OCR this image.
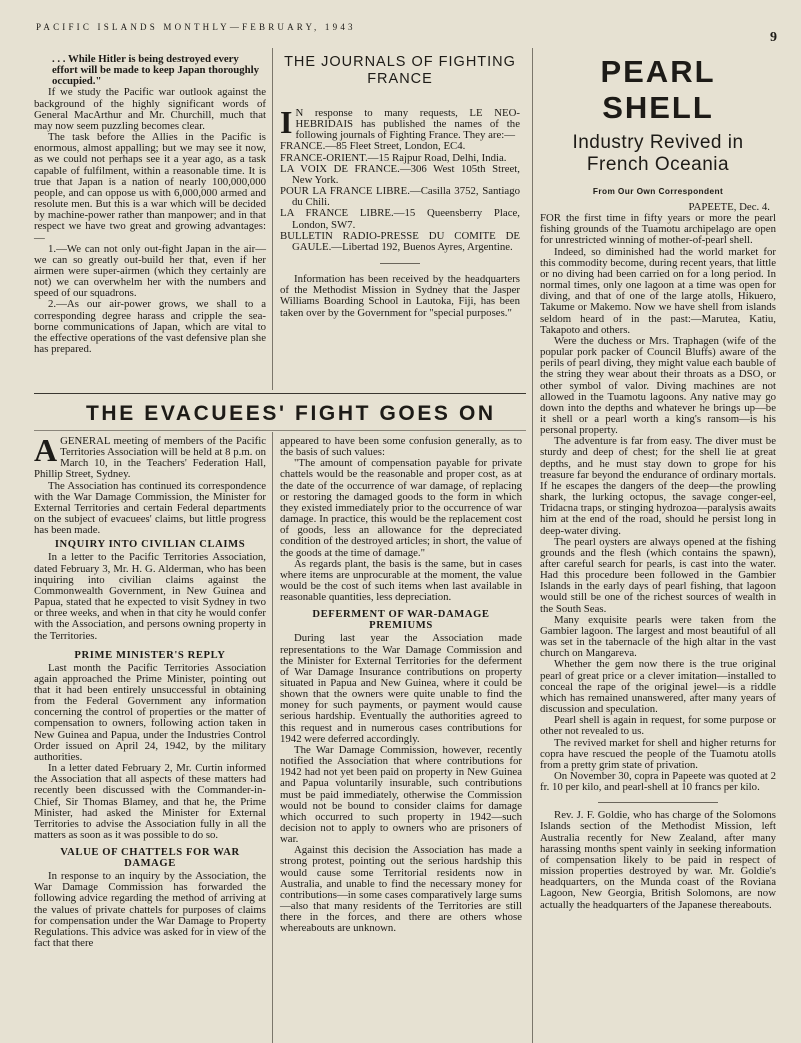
PACIFIC ISLANDS MONTHLY—FEBRUARY, 1943
9

. . . While Hitler is being destroyed every effort will be made to keep Japan thoroughly occupied."

If we study the Pacific war outlook against the background of the highly significant words of General MacArthur and Mr. Churchill, much that may now seem puzzling becomes clear.

The task before the Allies in the Pacific is enormous, almost appalling; but we may see it now, as we could not perhaps see it a year ago, as a task capable of fulfilment, within a reasonable time. It is true that Japan is a nation of nearly 100,000,000 people, and can oppose us with 6,000,000 armed and resolute men. But this is a war which will be decided by machine-power rather than manpower; and in that respect we have two great and growing advantages:—

1.—We can not only out-fight Japan in the air—we can so greatly out-build her that, even if her airmen were super-airmen (which they certainly are not) we can overwhelm her with the numbers and speed of our squadrons.

2.—As our air-power grows, we shall to a corresponding degree harass and cripple the sea-borne communications of Japan, which are vital to the effective operations of the vast defensive plan she has prepared.

THE JOURNALS OF FIGHTING FRANCE

I N response to many requests, LE NEO-HEBRIDAIS has published the names of the following journals of Fighting France. They are:—

FRANCE.—85 Fleet Street, London, EC4.

FRANCE-ORIENT.—15 Rajpur Road, Delhi, India.

LA VOIX DE FRANCE.—306 West 105th Street, New York.

POUR LA FRANCE LIBRE.—Casilla 3752, Santiago du Chili.

LA FRANCE LIBRE.—15 Queensberry Place, London, SW7.

BULLETIN RADIO-PRESSE DU COMITE DE GAULE.—Libertad 192, Buenos Ayres, Argentine.

Information has been received by the headquarters of the Methodist Mission in Sydney that the Jasper Williams Boarding School in Lautoka, Fiji, has been taken over by the Government for "special purposes."

THE EVACUEES' FIGHT GOES ON

A GENERAL meeting of members of the Pacific Territories Association will be held at 8 p.m. on March 10, in the Teachers' Federation Hall, Phillip Street, Sydney.

The Association has continued its correspondence with the War Damage Commission, the Minister for External Territories and certain Federal departments on the subject of evacuees' claims, but little progress has been made.

INQUIRY INTO CIVILIAN CLAIMS

In a letter to the Pacific Territories Association, dated February 3, Mr. H. G. Alderman, who has been inquiring into civilian claims against the Commonwealth Government, in New Guinea and Papua, stated that he expected to visit Sydney in two or three weeks, and when in that city he would confer with the Association, and persons owning property in the Territories.

PRIME MINISTER'S REPLY

Last month the Pacific Territories Association again approached the Prime Minister, pointing out that it had been entirely unsuccessful in obtaining from the Federal Government any information concerning the control of properties or the matter of compensation to owners, following action taken in New Guinea and Papua, under the Industries Control Order issued on April 24, 1942, by the military authorities.

In a letter dated February 2, Mr. Curtin informed the Association that all aspects of these matters had recently been discussed with the Commander-in-Chief, Sir Thomas Blamey, and that he, the Prime Minister, had asked the Minister for External Territories to advise the Association fully in all the matters as soon as it was possible to do so.

VALUE OF CHATTELS FOR WAR DAMAGE

In response to an inquiry by the Association, the War Damage Commission has forwarded the following advice regarding the method of arriving at the values of private chattels for purposes of claims for compensation under the War Damage to Property Regulations. This advice was asked for in view of the fact that there

appeared to have been some confusion generally, as to the basis of such values:

"The amount of compensation payable for private chattels would be the reasonable and proper cost, as at the date of the occurrence of war damage, of replacing or restoring the damaged goods to the form in which they existed immediately prior to the occurrence of war damage. In practice, this would be the replacement cost of goods, less an allowance for the depreciated condition of the destroyed articles; in short, the value of the goods at the time of damage."

As regards plant, the basis is the same, but in cases where items are unprocurable at the moment, the value would be the cost of such items when last available in reasonable quantities, less depreciation.

DEFERMENT OF WAR-DAMAGE PREMIUMS

During last year the Association made representations to the War Damage Commission and the Minister for External Territories for the deferment of War Damage Insurance contributions on property situated in Papua and New Guinea, where it could be shown that the owners were quite unable to find the money for such payments, or payment would cause serious hardship. Eventually the authorities agreed to this request and in numerous cases contributions for 1942 were deferred accordingly.

The War Damage Commission, however, recently notified the Association that where contributions for 1942 had not yet been paid on property in New Guinea and Papua voluntarily insurable, such contributions must be paid immediately, otherwise the Commission would not be bound to consider claims for damage which occurred to such property in 1942—such decision not to apply to owners who are prisoners of war.

Against this decision the Association has made a strong protest, pointing out the serious hardship this would cause some Territorial residents now in Australia, and unable to find the necessary money for contributions—in some cases comparatively large sums—also that many residents of the Territories are still there in the forces, and there are others whose whereabouts are unknown.

PEARL SHELL
Industry Revived in French Oceania
From Our Own Correspondent

PAPEETE, Dec. 4.

FOR the first time in fifty years or more the pearl fishing grounds of the Tuamotu archipelago are open for unrestricted winning of mother-of-pearl shell.

Indeed, so diminished had the world market for this commodity become, during recent years, that little or no diving had been carried on for a long period. In normal times, only one lagoon at a time was open for diving, and that of one of the large atolls, Hikuero, Takume or Makemo. Now we have shell from islands seldom heard of in the past:—Marutea, Katiu, Takapoto and others.

Were the duchess or Mrs. Traphagen (wife of the popular pork packer of Council Bluffs) aware of the perils of pearl diving, they might value each bauble of the string they wear about their throats as a DSO, or other symbol of valor. Diving machines are not allowed in the Tuamotu lagoons. Any native may go down into the depths and whatever he brings up—be it shell or a pearl worth a king's ransom—is his personal property.

The adventure is far from easy. The diver must be sturdy and deep of chest; for the shell lie at great depths, and he must stay down to grope for his treasure far beyond the endurance of ordinary mortals. If he escapes the dangers of the deep—the prowling shark, the lurking octopus, the savage conger-eel, Tridacna traps, or stinging hydrozoa—paralysis awaits him at the end of the road, should he persist long in deep-water diving.

The pearl oysters are always opened at the fishing grounds and the flesh (which contains the spawn), after careful search for pearls, is cast into the water. Had this procedure been followed in the Gambier Islands in the early days of pearl fishing, that lagoon would still be one of the richest sources of wealth in the South Seas.

Many exquisite pearls were taken from the Gambier lagoon. The largest and most beautiful of all was set in the tabernacle of the high altar in the vast church on Mangareva.

Whether the gem now there is the true original pearl of great price or a clever imitation—installed to conceal the rape of the original jewel—is a riddle which has remained unanswered, after many years of discussion and speculation.

Pearl shell is again in request, for some purpose or other not revealed to us.

The revived market for shell and higher returns for copra have rescued the people of the Tuamotu atolls from a pretty grim state of privation.

On November 30, copra in Papeete was quoted at 2 fr. 10 per kilo, and pearl-shell at 10 francs per kilo.

Rev. J. F. Goldie, who has charge of the Solomons Islands section of the Methodist Mission, left Australia recently for New Zealand, after many harassing months spent vainly in seeking information of compensation likely to be paid in respect of mission properties destroyed by war. Mr. Goldie's headquarters, on the Munda coast of the Roviana Lagoon, New Georgia, British Solomons, are now actually the headquarters of the Japanese thereabouts.
